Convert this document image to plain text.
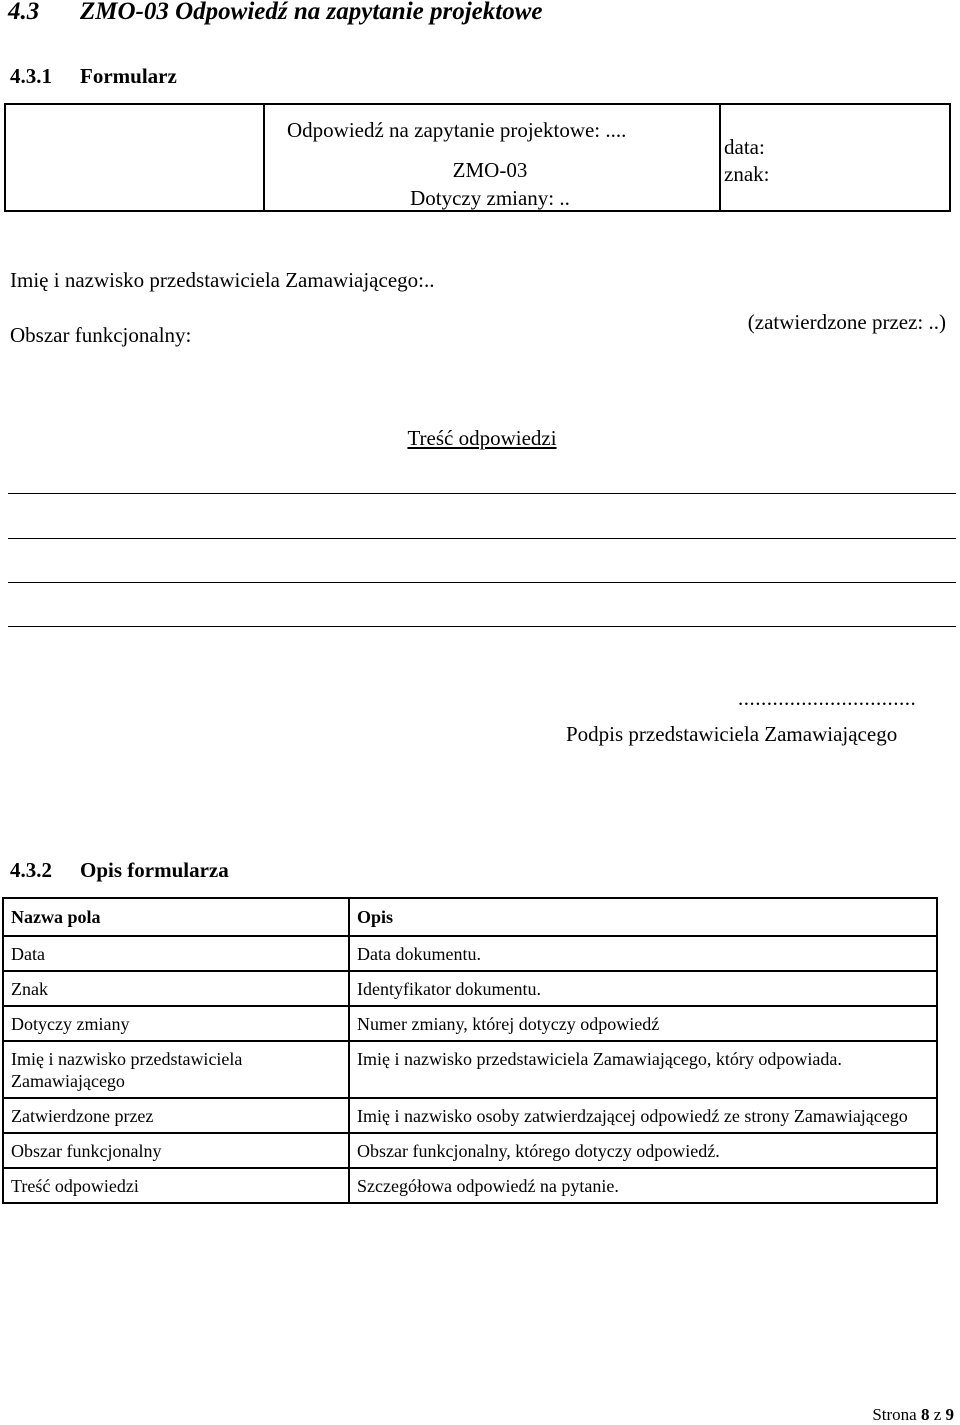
4.3 ZMO-03 Odpowiedź na zapytanie projektowe
4.3.1 Formularz
Odpowiedź na zapytanie projektowe: ....
ZMO-03
Dotyczy zmiany: ..
data:
znak:
Imię i nazwisko przedstawiciela Zamawiającego:..
(zatwierdzone przez: ..)
Obszar funkcjonalny:
Treść odpowiedzi
...............................
Podpis przedstawiciela Zamawiającego
4.3.2 Opis formularza
Nazwa pola	Opis
Data	Data dokumentu.
Znak	Identyfikator dokumentu.
Dotyczy zmiany	Numer zmiany, której dotyczy odpowiedź
Imię i nazwisko przedstawiciela Zamawiającego	Imię i nazwisko przedstawiciela Zamawiającego, który odpowiada.
Zatwierdzone przez	Imię i nazwisko osoby zatwierdzającej odpowiedź ze strony Zamawiającego
Obszar funkcjonalny	Obszar funkcjonalny, którego dotyczy odpowiedź.
Treść odpowiedzi	Szczegółowa odpowiedź na pytanie.
Strona 8 z 9
